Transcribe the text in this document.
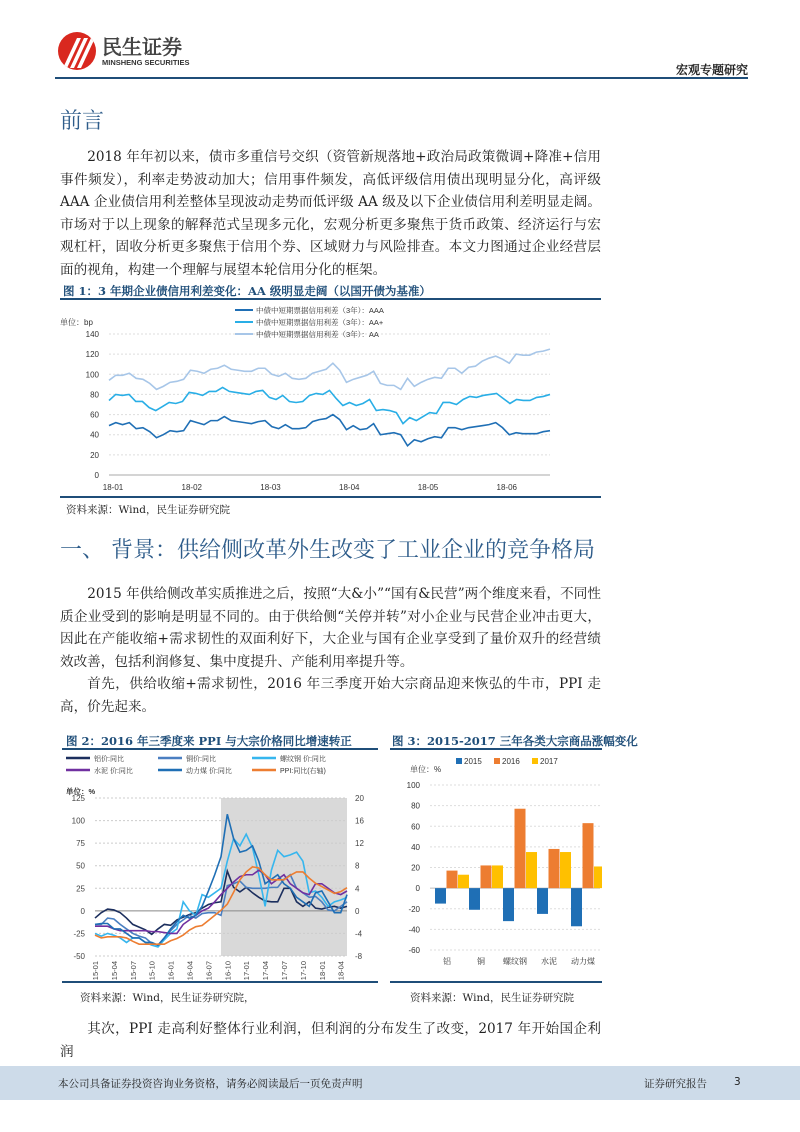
民生证券
MINSHENG SECURITIES
宏观专题研究
前言

2018 年年初以来，债市多重信号交织（资管新规落地+政治局政策微调+降准+信用事件频发），利率走势波动加大；信用事件频发，高低评级信用债出现明显分化，高评级 AAA 企业债信用利差整体呈现波动走势而低评级 AA 级及以下企业债信用利差明显走阔。市场对于以上现象的解释范式呈现多元化，宏观分析更多聚焦于货币政策、经济运行与宏观杠杆，固收分析更多聚焦于信用个券、区域财力与风险排查。本文力图通过企业经营层面的视角，构建一个理解与展望本轮信用分化的框架。

图 1：3 年期企业债信用利差变化：AA 级明显走阔（以国开债为基准）
单位：bp
0
20
40
60
80
100
120
140
18-01	18-02	18-03	18-04	18-05	18-06
中债中短期票据信用利差（3年）：AAA
中债中短期票据信用利差（3年）：AA+
中债中短期票据信用利差（3年）：AA
资料来源：Wind，民生证券研究院
一、 背景：供给侧改革外生改变了工业企业的竞争格局

2015 年供给侧改革实质推进之后，按照“大&小”“国有&民营”两个维度来看，不同性质企业受到的影响是明显不同的。由于供给侧“关停并转”对小企业与民营企业冲击更大，因此在产能收缩+需求韧性的双面利好下，大企业与国有企业享受到了量价双升的经营绩效改善，包括利润修复、集中度提升、产能利用率提升等。

首先，供给收缩+需求韧性，2016 年三季度开始大宗商品迎来恢弘的牛市，PPI 走高，价先起来。

图 2：2016 年三季度来 PPI 与大宗价格同比增速转正
-50
-25
0
25
50
75
100
125
-8
-4
0
4
8
12
16
20
15-01 15-04 15-07 15-10 16-01 16-04 16-07 16-10 17-01 17-04 17-07 17-10 18-01 18-04
单位：%
铝价:同比	铜价:同比	螺纹钢 价:同比
水泥 价:同比	动力煤 价:同比	PPI:同比(右轴)
资料来源：Wind，民生证券研究院，
图 3：2015-2017 三年各类大宗商品涨幅变化
单位：%
-60
-40
-20
0
20
40
60
80
100
铝	铜 螺纹钢 水泥 动力煤
2015	2016	2017
资料来源：Wind，民生证券研究院

其次，PPI 走高利好整体行业利润，但利润的分布发生了改变，2017 年开始国企利润

本公司具备证券投资咨询业务资格，请务必阅读最后一页免责声明	证券研究报告	3
